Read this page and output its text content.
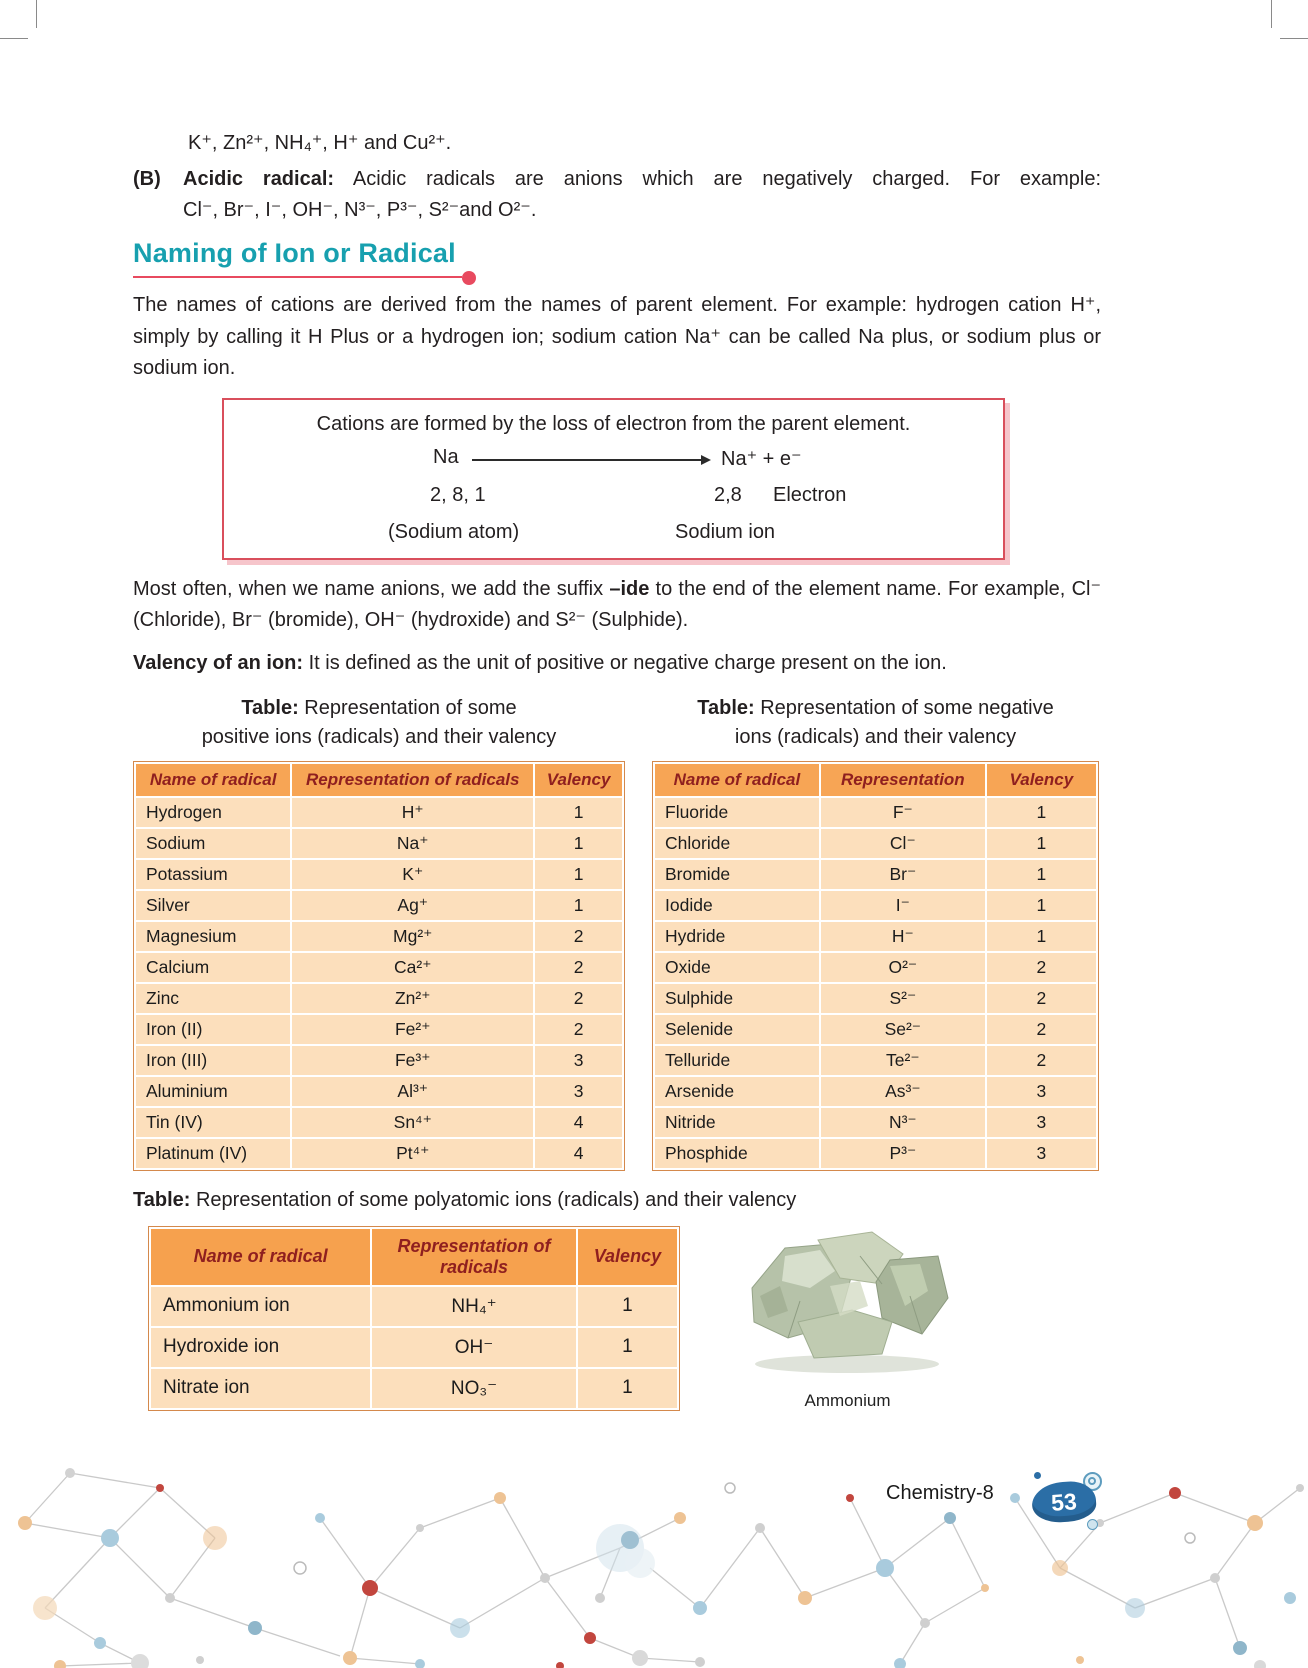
K⁺, Zn²⁺, NH₄⁺, H⁺ and Cu²⁺.
(B)	Acidic radical: Acidic radicals are anions which are negatively charged. For example:
Cl⁻, Br⁻, I⁻, OH⁻, N³⁻, P³⁻, S²⁻and O²⁻.
Naming of Ion or Radical

The names of cations are derived from the names of parent element. For example: hydrogen cation H⁺, simply by calling it H Plus or a hydrogen ion; sodium cation Na⁺ can be called Na plus, or sodium plus or sodium ion.

Cations are formed by the loss of electron from the parent element.
Na	Na⁺ + e⁻
2, 8, 1	2,8 Electron
(Sodium atom)	Sodium ion

Most often, when we name anions, we add the suffix –ide to the end of the element name. For example, Cl⁻ (Chloride), Br⁻ (bromide), OH⁻ (hydroxide) and S²⁻ (Sulphide).

Valency of an ion: It is defined as the unit of positive or negative charge present on the ion.

Table: Representation of some
positive ions (radicals) and their valency
Name of radical	Representation of radicals	Valency
Hydrogen	H⁺	1
Sodium	Na⁺	1
Potassium	K⁺	1
Silver	Ag⁺	1
Magnesium	Mg²⁺	2
Calcium	Ca²⁺	2
Zinc	Zn²⁺	2
Iron (II)	Fe²⁺	2
Iron (III)	Fe³⁺	3
Aluminium	Al³⁺	3
Tin (IV)	Sn⁴⁺	4
Platinum (IV)	Pt⁴⁺	4
Table: Representation of some negative
ions (radicals) and their valency
Name of radical	Representation	Valency
Fluoride	F⁻	1
Chloride	Cl⁻	1
Bromide	Br⁻	1
Iodide	I⁻	1
Hydride	H⁻	1
Oxide	O²⁻	2
Sulphide	S²⁻	2
Selenide	Se²⁻	2
Telluride	Te²⁻	2
Arsenide	As³⁻	3
Nitride	N³⁻	3
Phosphide	P³⁻	3
Table: Representation of some polyatomic ions (radicals) and their valency
Name of radical	Representation of radicals	Valency
Ammonium ion	NH₄⁺	1
Hydroxide ion	OH⁻	1
Nitrate ion	NO₃⁻	1
Ammonium
Chemistry-8 53
